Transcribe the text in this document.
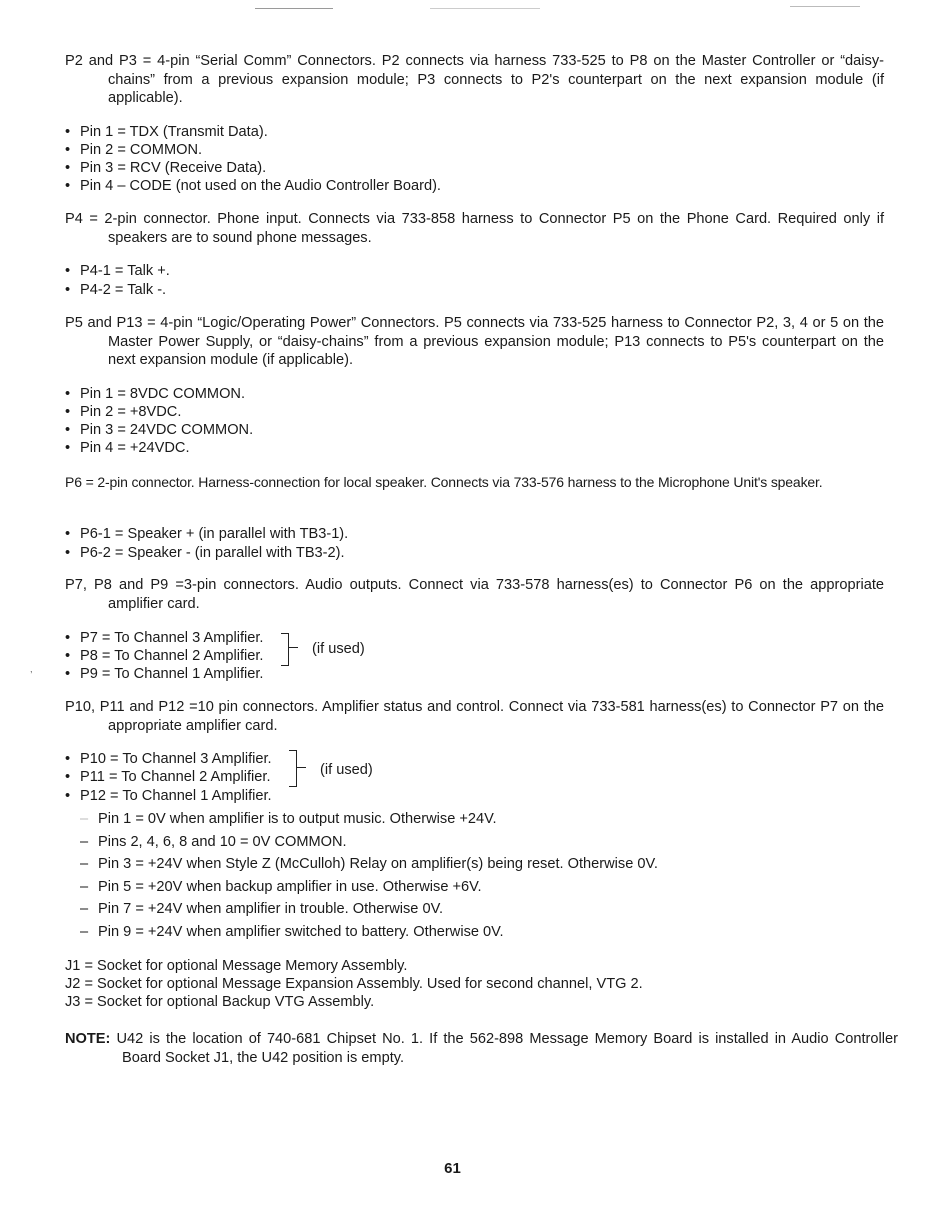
P2 and P3 = 4-pin “Serial Comm” Connectors. P2 connects via harness 733-525 to P8 on the Master Controller or “daisy-chains” from a previous expansion module; P3 connects to P2's counterpart on the next expansion module (if applicable).
• Pin 1 = TDX (Transmit Data).
• Pin 2 = COMMON.
• Pin 3 = RCV (Receive Data).
• Pin 4 – CODE (not used on the Audio Controller Board).
P4 = 2-pin connector. Phone input. Connects via 733-858 harness to Connector P5 on the Phone Card. Required only if speakers are to sound phone messages.
• P4-1 = Talk +.
• P4-2 = Talk -.
P5 and P13 = 4-pin “Logic/Operating Power” Connectors. P5 connects via 733-525 harness to Connector P2, 3, 4 or 5 on the Master Power Supply, or “daisy-chains” from a previous expansion module; P13 connects to P5's counterpart on the next expansion module (if applicable).
• Pin 1 = 8VDC COMMON.
• Pin 2 = +8VDC.
• Pin 3 = 24VDC COMMON.
• Pin 4 = +24VDC.
P6 = 2-pin connector. Harness-connection for local speaker. Connects via 733-576 harness to the Microphone Unit's speaker.
• P6-1 = Speaker + (in parallel with TB3-1).
• P6-2 = Speaker - (in parallel with TB3-2).
P7, P8 and P9 =3-pin connectors. Audio outputs. Connect via 733-578 harness(es) to Connector P6 on the appropriate amplifier card.
• P7 = To Channel 3 Amplifier.
• P8 = To Channel 2 Amplifier.
• P9 = To Channel 1 Amplifier.
(if used)
,
P10, P11 and P12 =10 pin connectors. Amplifier status and control. Connect via 733-581 harness(es) to Connector P7 on the appropriate amplifier card.
• P10 = To Channel 3 Amplifier.
• P11 = To Channel 2 Amplifier.
• P12 = To Channel 1 Amplifier.
(if used)
– Pin 1 = 0V when amplifier is to output music. Otherwise +24V.
– Pins 2, 4, 6, 8 and 10 = 0V COMMON.
– Pin 3 = +24V when Style Z (McCulloh) Relay on amplifier(s) being reset. Otherwise 0V.
– Pin 5 = +20V when backup amplifier in use. Otherwise +6V.
– Pin 7 = +24V when amplifier in trouble. Otherwise 0V.
– Pin 9 = +24V when amplifier switched to battery. Otherwise 0V.
J1 = Socket for optional Message Memory Assembly.
J2 = Socket for optional Message Expansion Assembly. Used for second channel, VTG 2.
J3 = Socket for optional Backup VTG Assembly.
NOTE: U42 is the location of 740-681 Chipset No. 1. If the 562-898 Message Memory Board is installed in Audio Controller Board Socket J1, the U42 position is empty.
61
